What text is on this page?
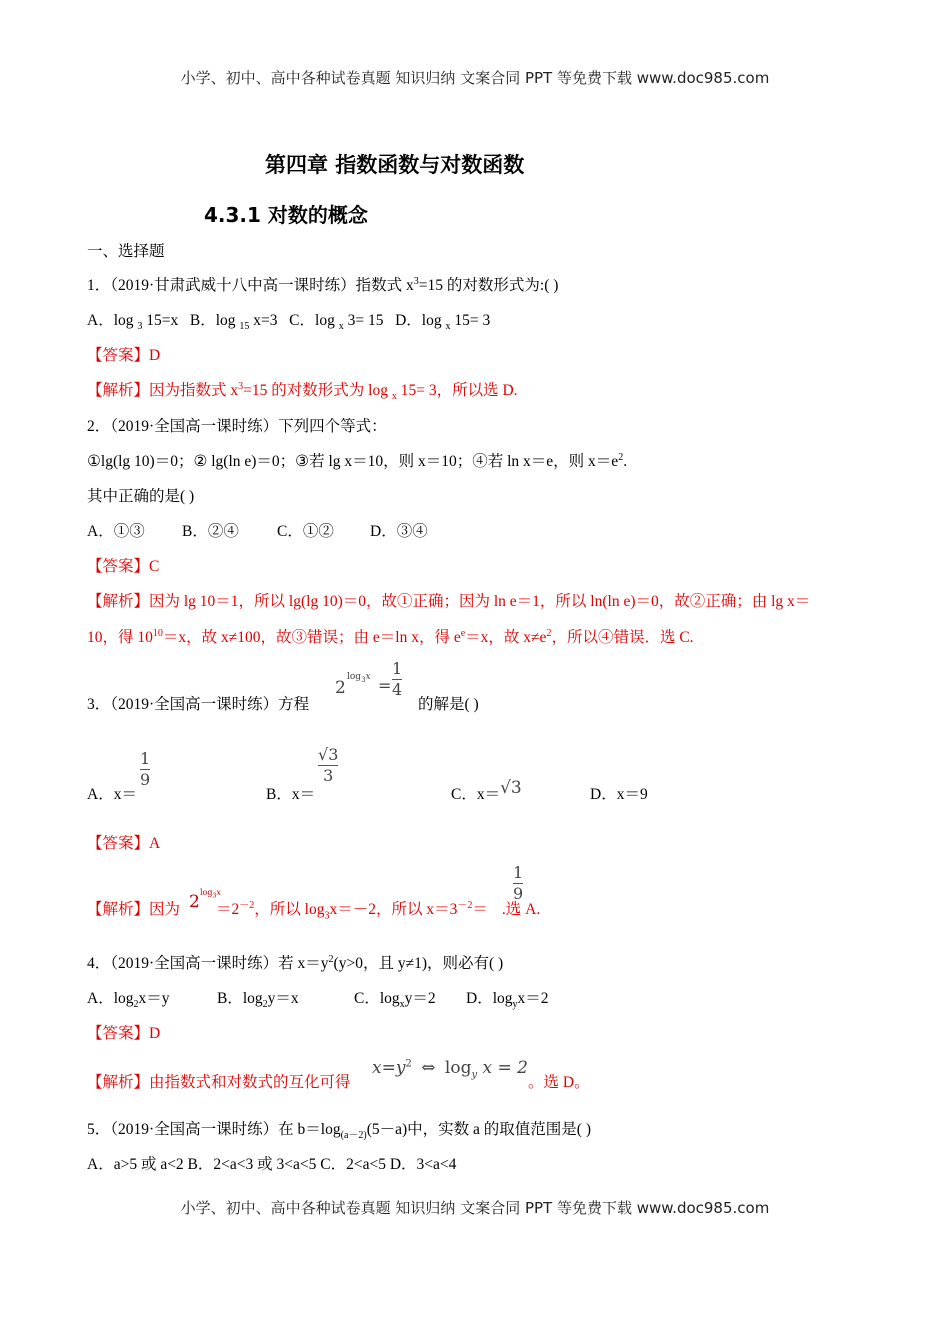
小学、初中、高中各种试卷真题 知识归纳 文案合同 PPT 等免费下载 www.doc985.com
第四章 指数函数与对数函数
4.3.1 对数的概念
一、选择题
1．（2019·甘肃武威十八中高一课时练）指数式 $x^3=15$ 的对数形式为:( )
A．log $_3$ 15=x B．log $_{15}$ x=3 C．log $_x$ 3= 15 D．log $_x$ 15= 3
【答案】D
【解析】因为指数式 $x^3=15$ 的对数形式为 log $_x$ 15= 3，所以选 D.
2．（2019·全国高一课时练）下列四个等式：
①lg(lg 10)＝0；② lg(ln e)＝0；③若 lg x＝10，则 x＝10；④若 ln x＝e，则 $x=e^2$.
其中正确的是( )
A．①③ B．②④ C．①② D．③④
【答案】C
【解析】因为 lg 10＝1，所以 lg(lg 10)＝0，故①正确；因为 ln e＝1，所以 ln(ln e)＝0，故②正确；由 lg x＝
10，得 $10^{10}=x$，故 x≠100，故③错误；由 e＝ln x，得 $e^e=x$，故 $x\ne e^2$，所以④错误．选 C.
3．（2019·全国高一课时练）方程
2
$\log_3x$ =
1
4
的解是( )
A．x＝
$\frac{1}{9}$
B．x＝
$\frac{√3}{3}$
C．x＝√3	D．x＝9
【答案】A
【解析】因为 $=2^{-2}$，所以 $\log_3x=-2$，所以 $x=3^{-2}=$ .选 A.
2 $\log_3x$	$\frac{1}{9}$
4．（2019·全国高一课时练）若 $x=y^2(y>0$，且 y≠1)，则必有( )
A．$\log_2x=y$	B．$\log_2y=x$	C．$\log_xy=2$ D．$\log_yx=2$
【答案】D
【解析】由指数式和对数式的互化可得
$x=y^2$ ⇔ $\log_y x = 2$
。选 D。
5．（2019·全国高一课时练）在 $b=\log_{(a-2)}(5-a)$中，实数 a 的取值范围是( )
A．a>5 或 a<2 B．2<a<3 或 3<a<5 C．2<a<5 D．3<a<4
小学、初中、高中各种试卷真题 知识归纳 文案合同 PPT 等免费下载 www.doc985.com
